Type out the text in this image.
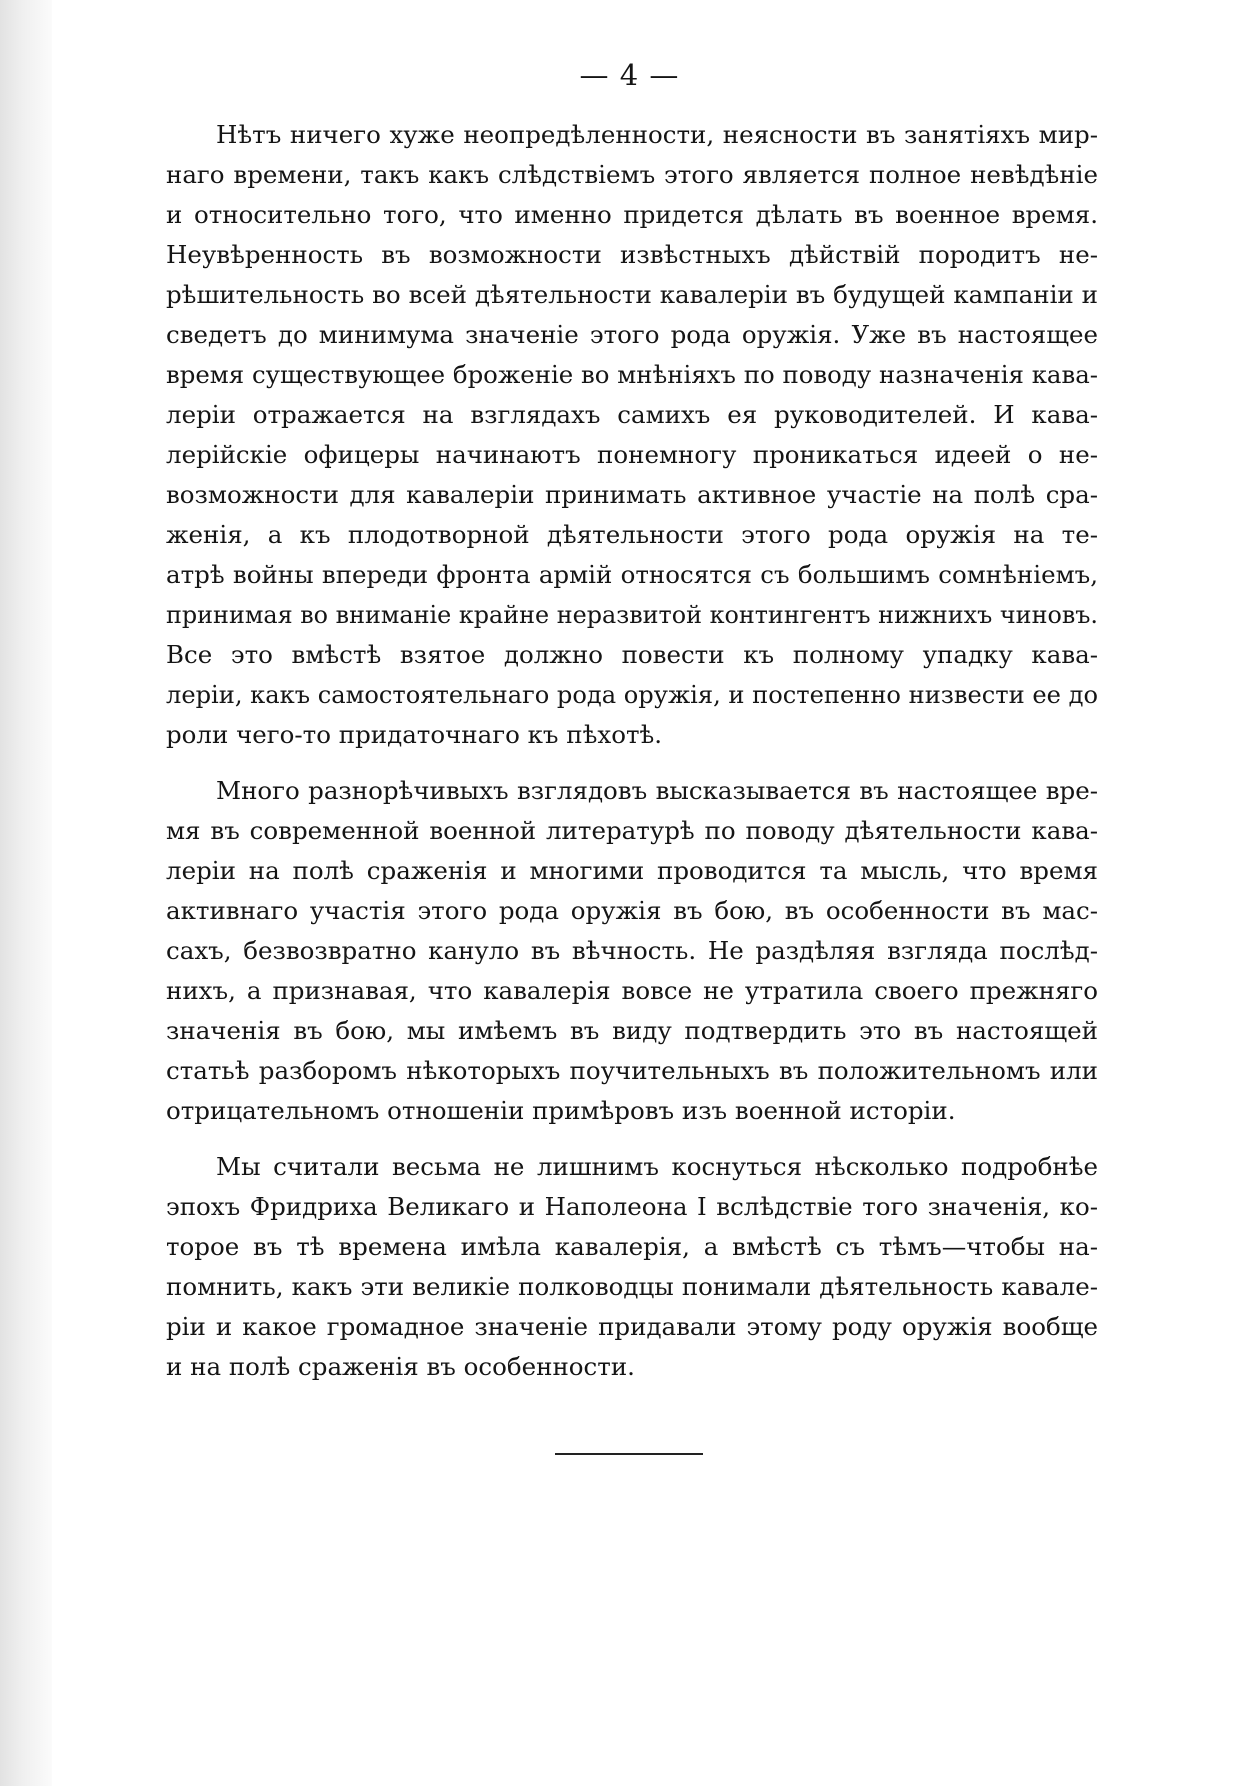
— 4 —
Нѣтъ ничего хуже неопредѣленности, неясности въ занятіяхъ мир-
наго времени, такъ какъ слѣдствіемъ этого является полное невѣдѣніе
и относительно того, что именно придется дѣлать въ военное время.
Неувѣренность въ возможности извѣстныхъ дѣйствій породитъ не-
рѣшительность во всей дѣятельности кавалеріи въ будущей кампаніи и
сведетъ до минимума значеніе этого рода оружія. Уже въ настоящее
время существующее броженіе во мнѣніяхъ по поводу назначенія кава-
леріи отражается на взглядахъ самихъ ея руководителей. И кава-
лерійскіе офицеры начинаютъ понемногу проникаться идеей о не-
возможности для кавалеріи принимать активное участіе на полѣ сра-
женія, а къ плодотворной дѣятельности этого рода оружія на те-
атрѣ войны впереди фронта армій относятся съ большимъ сомнѣніемъ,
принимая во вниманіе крайне неразвитой контингентъ нижнихъ чиновъ.
Все это вмѣстѣ взятое должно повести къ полному упадку кава-
леріи, какъ самостоятельнаго рода оружія, и постепенно низвести ее до
роли чего-то придаточнаго къ пѣхотѣ.
Много разнорѣчивыхъ взглядовъ высказывается въ настоящее вре-
мя въ современной военной литературѣ по поводу дѣятельности кава-
леріи на полѣ сраженія и многими проводится та мысль, что время
активнаго участія этого рода оружія въ бою, въ особенности въ мас-
сахъ, безвозвратно кануло въ вѣчность. Не раздѣляя взгляда послѣд-
нихъ, а признавая, что кавалерія вовсе не утратила своего прежняго
значенія въ бою, мы имѣемъ въ виду подтвердить это въ настоящей
статьѣ разборомъ нѣкоторыхъ поучительныхъ въ положительномъ или
отрицательномъ отношеніи примѣровъ изъ военной исторіи.
Мы считали весьма не лишнимъ коснуться нѣсколько подробнѣе
эпохъ Фридриха Великаго и Наполеона I вслѣдствіе того значенія, ко-
торое въ тѣ времена имѣла кавалерія, а вмѣстѣ съ тѣмъ—чтобы на-
помнить, какъ эти великіе полководцы понимали дѣятельность кавале-
ріи и какое громадное значеніе придавали этому роду оружія вообще
и на полѣ сраженія въ особенности.
